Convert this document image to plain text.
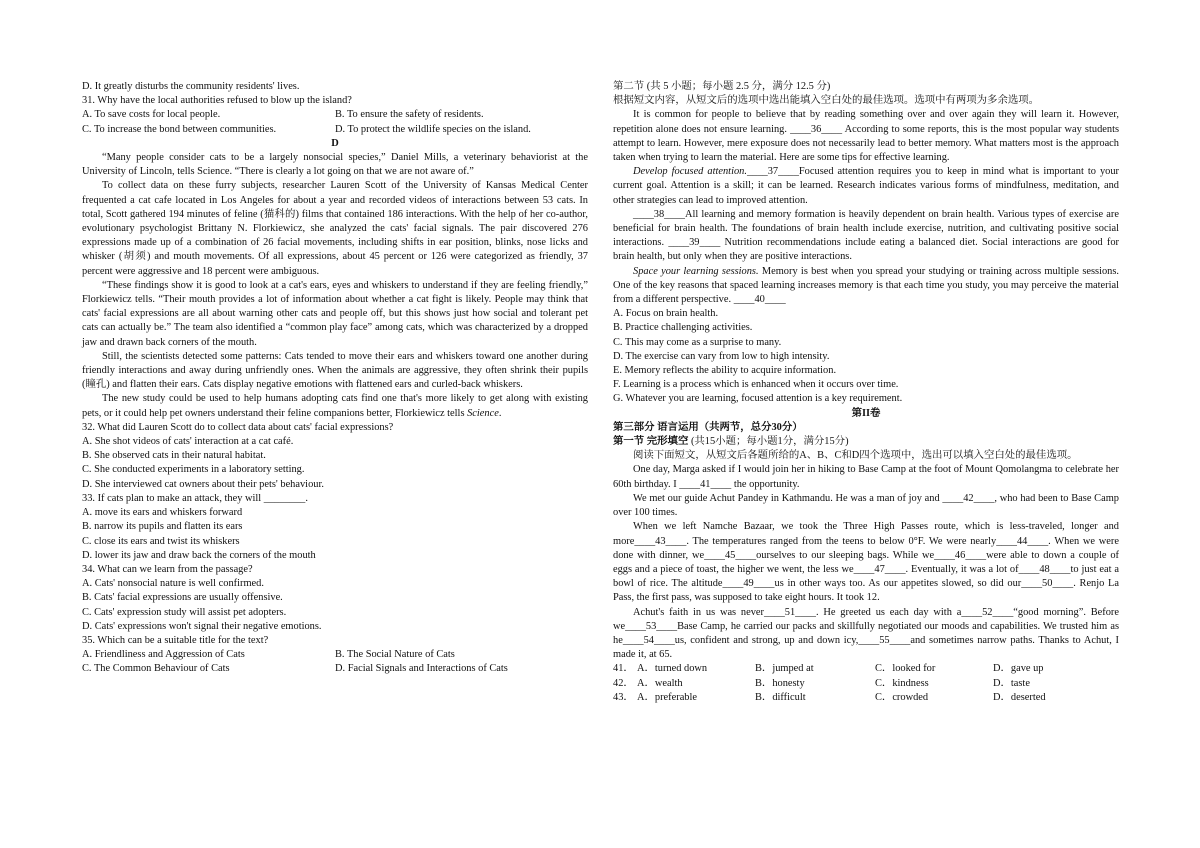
D. It greatly disturbs the community residents' lives.

31. Why have the local authorities refused to blow up the island?

A. To save costs for local people.	B. To ensure the safety of residents.
C. To increase the bond between communities.	D. To protect the wildlife species on the island.

D

“Many people consider cats to be a largely nonsocial species,” Daniel Mills, a veterinary behaviorist at the University of Lincoln, tells Science. “There is clearly a lot going on that we are not aware of.”

To collect data on these furry subjects, researcher Lauren Scott of the University of Kansas Medical Center frequented a cat cafe located in Los Angeles for about a year and recorded videos of interactions between 53 cats. In total, Scott gathered 194 minutes of feline (猫科的) films that contained 186 interactions. With the help of her co-author, evolutionary psychologist Brittany N. Florkiewicz, she analyzed the cats' facial signals. The pair discovered 276 expressions made up of a combination of 26 facial movements, including shifts in ear position, blinks, nose licks and whisker (胡须) and mouth movements. Of all expressions, about 45 percent or 126 were categorized as friendly, 37 percent were aggressive and 18 percent were ambiguous.

“These findings show it is good to look at a cat's ears, eyes and whiskers to understand if they are feeling friendly,” Florkiewicz tells. “Their mouth provides a lot of information about whether a cat fight is likely. People may think that cats' facial expressions are all about warning other cats and people off, but this shows just how social and tolerant pet cats can actually be.” The team also identified a “common play face” among cats, which was characterized by a dropped jaw and drawn back corners of the mouth.

Still, the scientists detected some patterns: Cats tended to move their ears and whiskers toward one another during friendly interactions and away during unfriendly ones. When the animals are aggressive, they often shrink their pupils (瞳孔) and flatten their ears. Cats display negative emotions with flattened ears and curled-back whiskers.

The new study could be used to help humans adopting cats find one that's more likely to get along with existing pets, or it could help pet owners understand their feline companions better, Florkiewicz tells Science.

32. What did Lauren Scott do to collect data about cats' facial expressions?

A. She shot videos of cats' interaction at a cat café.

B. She observed cats in their natural habitat.

C. She conducted experiments in a laboratory setting.

D. She interviewed cat owners about their pets' behaviour.

33. If cats plan to make an attack, they will ________.

A. move its ears and whiskers forward

B. narrow its pupils and flatten its ears

C. close its ears and twist its whiskers

D. lower its jaw and draw back the corners of the mouth

34. What can we learn from the passage?

A. Cats' nonsocial nature is well confirmed.

B. Cats' facial expressions are usually offensive.

C. Cats' expression study will assist pet adopters.

D. Cats' expressions won't signal their negative emotions.

35. Which can be a suitable title for the text?

A. Friendliness and Aggression of Cats	B. The Social Nature of Cats
C. The Common Behaviour of Cats	D. Facial Signals and Interactions of Cats

第二节 (共 5 小题；每小题 2.5 分，满分 12.5 分)

根据短文内容，从短文后的选项中选出能填入空白处的最佳选项。选项中有两项为多余选项。

It is common for people to believe that by reading something over and over again they will learn it. However, repetition alone does not ensure learning. ____36____ According to some reports, this is the most popular way students attempt to learn. However, mere exposure does not necessarily lead to better memory. What matters most is the approach taken when trying to learn the material. Here are some tips for effective learning.

Develop focused attention.____37____Focused attention requires you to keep in mind what is important to your current goal. Attention is a skill; it can be learned. Research indicates various forms of mindfulness, meditation, and other strategies can lead to improved attention.

____38____All learning and memory formation is heavily dependent on brain health. Various types of exercise are beneficial for brain health. The foundations of brain health include exercise, nutrition, and cultivating positive social interactions. ____39____ Nutrition recommendations include eating a balanced diet. Social interactions are good for brain health, but only when they are positive interactions.

Space your learning sessions. Memory is best when you spread your studying or training across multiple sessions. One of the key reasons that spaced learning increases memory is that each time you study, you may perceive the material from a different perspective. ____40____

A. Focus on brain health.

B. Practice challenging activities.

C. This may come as a surprise to many.

D. The exercise can vary from low to high intensity.

E. Memory reflects the ability to acquire information.

F. Learning is a process which is enhanced when it occurs over time.

G. Whatever you are learning, focused attention is a key requirement.

第II卷

第三部分 语言运用（共两节，总分30分）

第一节 完形填空 (共15小题；每小题1分，满分15分)

阅读下面短文，从短文后各题所给的A、B、C和D四个选项中，选出可以填入空白处的最佳选项。

One day, Marga asked if I would join her in hiking to Base Camp at the foot of Mount Qomolangma to celebrate her 60th birthday. I ____41____ the opportunity.

We met our guide Achut Pandey in Kathmandu. He was a man of joy and ____42____, who had been to Base Camp over 100 times.

When we left Namche Bazaar, we took the Three High Passes route, which is less-traveled, longer and more____43____. The temperatures ranged from the teens to below 0°F. We were nearly____44____. When we were done with dinner, we____45____ourselves to our sleeping bags. While we____46____were able to down a couple of eggs and a piece of toast, the higher we went, the less we____47____. Eventually, it was a lot of____48____to just eat a bowl of rice. The altitude____49____us in other ways too. As our appetites slowed, so did our____50____. Renjo La Pass, the first pass, was supposed to take eight hours. It took 12.

Achut's faith in us was never____51____. He greeted us each day with a____52____“good morning”. Before we____53____Base Camp, he carried our packs and skillfully negotiated our moods and capabilities. We trusted him as he____54____us, confident and strong, up and down icy,____55____and sometimes narrow paths. Thanks to Achut, I made it, at 65.

41． A．turned down	B．jumped at	C．looked for	D．gave up
42． A．wealth	B．honesty	C．kindness	D．taste
43． A．preferable	B．difficult	C．crowded	D．deserted
